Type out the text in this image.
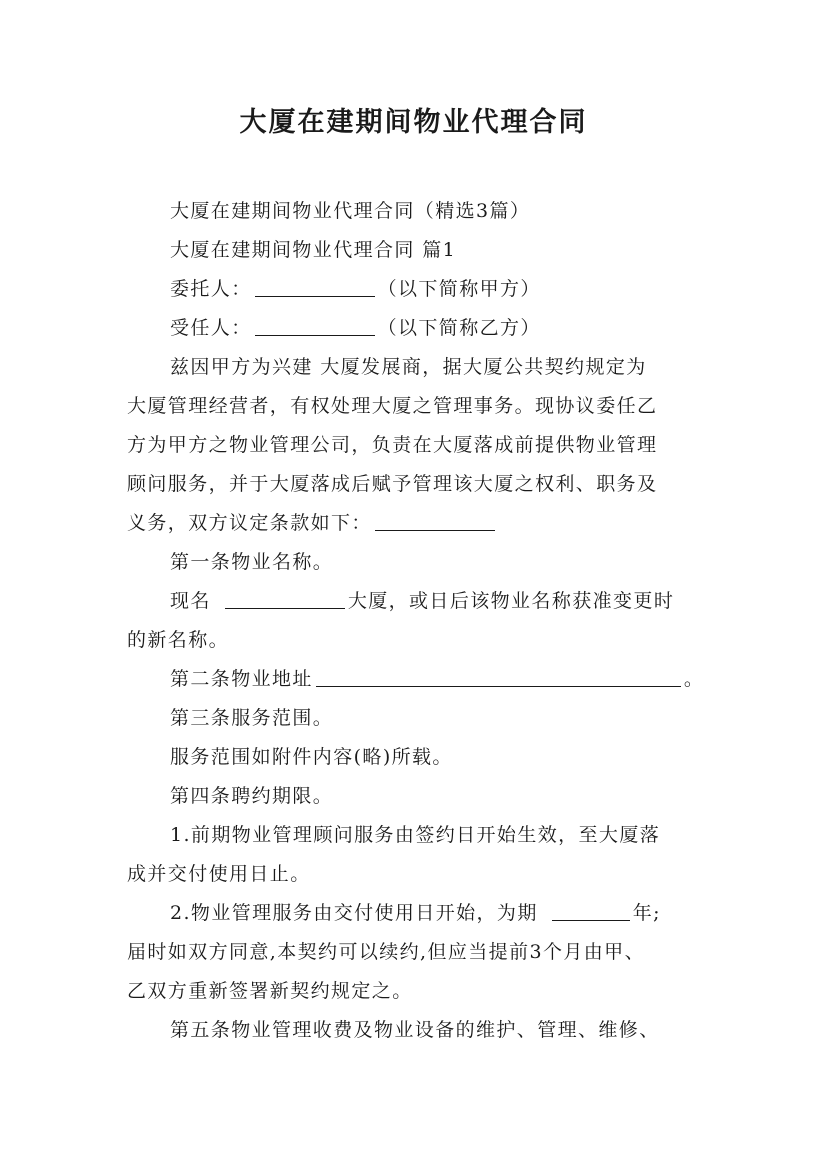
大厦在建期间物业代理合同
大厦在建期间物业代理合同（精选3篇）
大厦在建期间物业代理合同 篇1
委托人：	（以下简称甲方）
受任人：	（以下简称乙方）
兹因甲方为兴建 大厦发展商，据大厦公共契约规定为
大厦管理经营者，有权处理大厦之管理事务。现协议委任乙
方为甲方之物业管理公司，负责在大厦落成前提供物业管理
顾问服务，并于大厦落成后赋予管理该大厦之权利、职务及
义务，双方议定条款如下：
第一条物业名称。
现名	大厦，或日后该物业名称获准变更时
的新名称。
第二条物业地址	。
第三条服务范围。
服务范围如附件内容(略)所载。
第四条聘约期限。
1.前期物业管理顾问服务由签约日开始生效，至大厦落
成并交付使用日止。
2.物业管理服务由交付使用日开始，为期	年;
届时如双方同意,本契约可以续约,但应当提前3个月由甲、
乙双方重新签署新契约规定之。
第五条物业管理收费及物业设备的维护、管理、维修、
